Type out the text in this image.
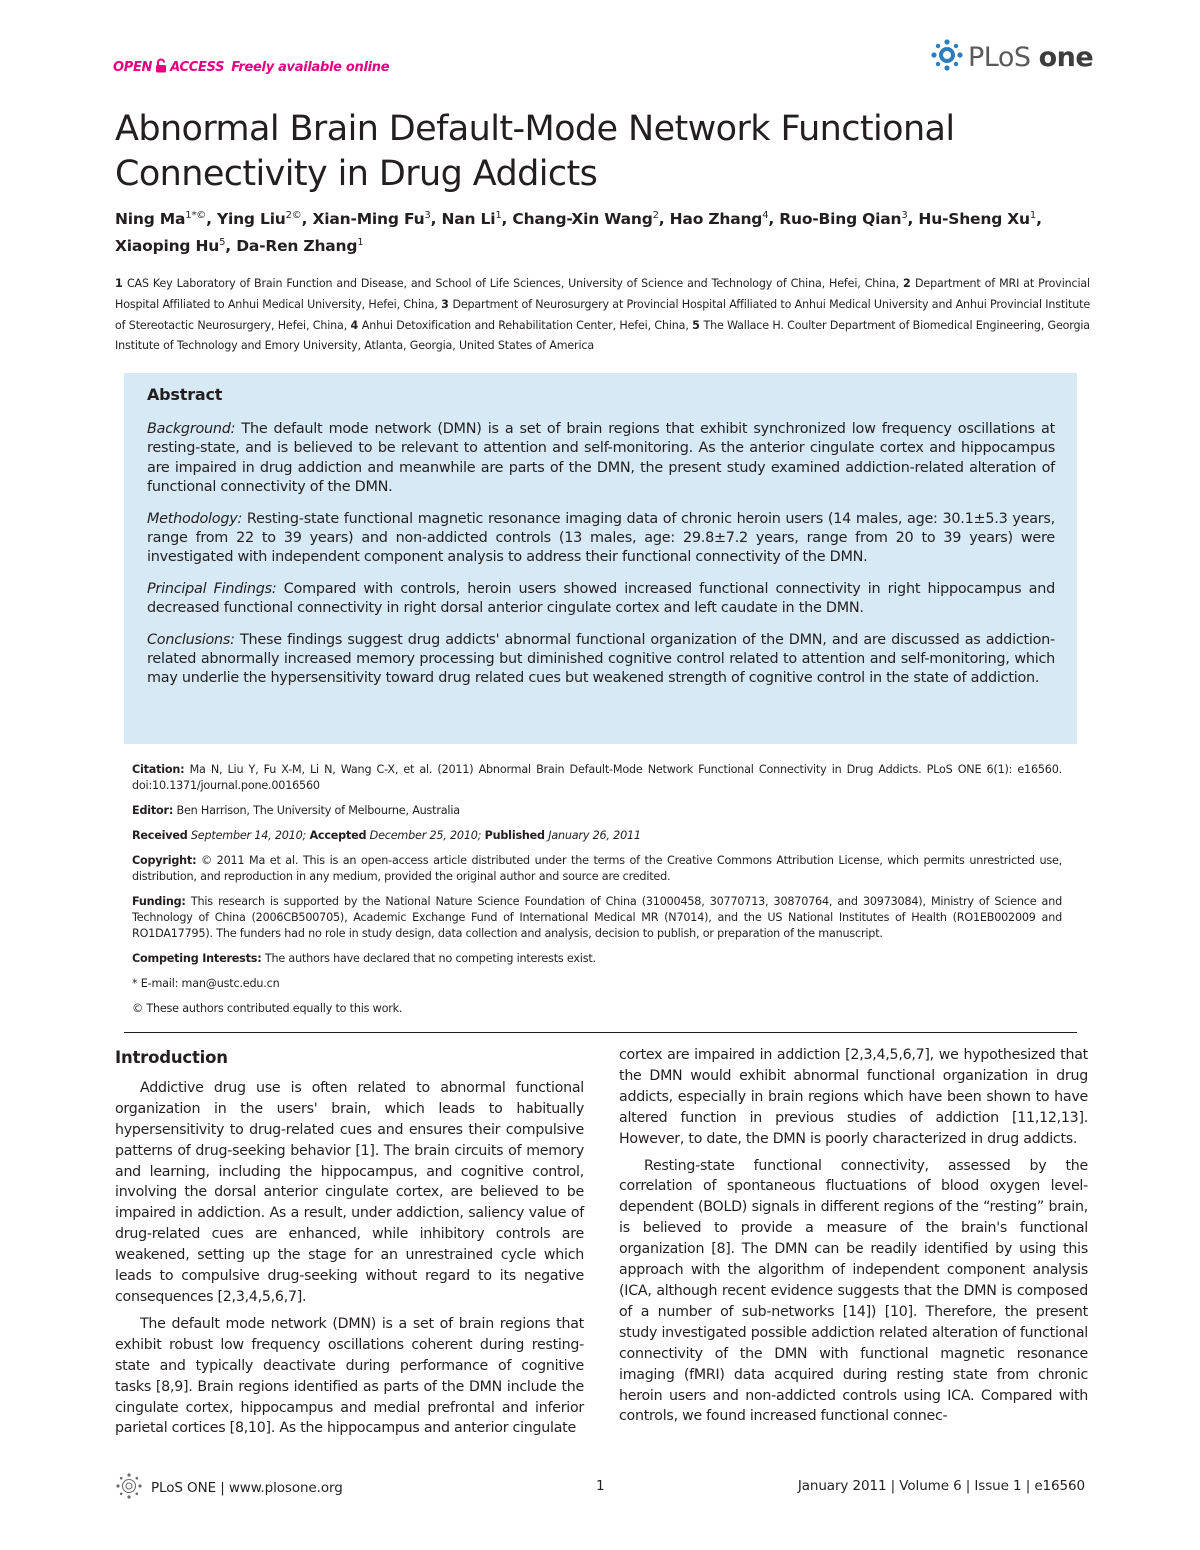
OPEN ACCESS Freely available online	PLoS one
Abnormal Brain Default-Mode Network Functional Connectivity in Drug Addicts
Ning $Ma^{1*©}$, Ying Liu$^{2©}$, Xian-Ming Fu$^3$, Nan Li$^1$, Chang-Xin Wang$^2$, Hao Zhang$^4$, Ruo-Bing Qian$^3$, Hu-Sheng Xu$^1$, Xiaoping Hu$^5$, Da-Ren Zhang$^1$
1 CAS Key Laboratory of Brain Function and Disease, and School of Life Sciences, University of Science and Technology of China, Hefei, China, 2 Department of MRI at Provincial Hospital Affiliated to Anhui Medical University, Hefei, China, 3 Department of Neurosurgery at Provincial Hospital Affiliated to Anhui Medical University and Anhui Provincial Institute of Stereotactic Neurosurgery, Hefei, China, 4 Anhui Detoxification and Rehabilitation Center, Hefei, China, 5 The Wallace H. Coulter Department of Biomedical Engineering, Georgia Institute of Technology and Emory University, Atlanta, Georgia, United States of America
Abstract

Background: The default mode network (DMN) is a set of brain regions that exhibit synchronized low frequency oscillations at resting-state, and is believed to be relevant to attention and self-monitoring. As the anterior cingulate cortex and hippocampus are impaired in drug addiction and meanwhile are parts of the DMN, the present study examined addiction-related alteration of functional connectivity of the DMN.

Methodology: Resting-state functional magnetic resonance imaging data of chronic heroin users (14 males, age: 30.1±5.3 years, range from 22 to 39 years) and non-addicted controls (13 males, age: 29.8±7.2 years, range from 20 to 39 years) were investigated with independent component analysis to address their functional connectivity of the DMN.

Principal Findings: Compared with controls, heroin users showed increased functional connectivity in right hippocampus and decreased functional connectivity in right dorsal anterior cingulate cortex and left caudate in the DMN.

Conclusions: These findings suggest drug addicts' abnormal functional organization of the DMN, and are discussed as addiction-related abnormally increased memory processing but diminished cognitive control related to attention and self-monitoring, which may underlie the hypersensitivity toward drug related cues but weakened strength of cognitive control in the state of addiction.

Citation: Ma N, Liu Y, Fu X-M, Li N, Wang C-X, et al. (2011) Abnormal Brain Default-Mode Network Functional Connectivity in Drug Addicts. PLoS ONE 6(1): e16560. doi:10.1371/journal.pone.0016560

Editor: Ben Harrison, The University of Melbourne, Australia

Received September 14, 2010; Accepted December 25, 2010; Published January 26, 2011

Copyright: © 2011 Ma et al. This is an open-access article distributed under the terms of the Creative Commons Attribution License, which permits unrestricted use, distribution, and reproduction in any medium, provided the original author and source are credited.

Funding: This research is supported by the National Nature Science Foundation of China (31000458, 30770713, 30870764, and 30973084), Ministry of Science and Technology of China (2006CB500705), Academic Exchange Fund of International Medical MR (N7014), and the US National Institutes of Health (RO1EB002009 and RO1DA17795). The funders had no role in study design, data collection and analysis, decision to publish, or preparation of the manuscript.

Competing Interests: The authors have declared that no competing interests exist.

* E-mail: man@ustc.edu.cn

© These authors contributed equally to this work.

Introduction

Addictive drug use is often related to abnormal functional organization in the users' brain, which leads to habitually hypersensitivity to drug-related cues and ensures their compulsive patterns of drug-seeking behavior [1]. The brain circuits of memory and learning, including the hippocampus, and cognitive control, involving the dorsal anterior cingulate cortex, are believed to be impaired in addiction. As a result, under addiction, saliency value of drug-related cues are enhanced, while inhibitory controls are weakened, setting up the stage for an unrestrained cycle which leads to compulsive drug-seeking without regard to its negative consequences [2,3,4,5,6,7].

The default mode network (DMN) is a set of brain regions that exhibit robust low frequency oscillations coherent during resting-state and typically deactivate during performance of cognitive tasks [8,9]. Brain regions identified as parts of the DMN include the cingulate cortex, hippocampus and medial prefrontal and inferior parietal cortices [8,10]. As the hippocampus and anterior cingulate

cortex are impaired in addiction [2,3,4,5,6,7], we hypothesized that the DMN would exhibit abnormal functional organization in drug addicts, especially in brain regions which have been shown to have altered function in previous studies of addiction [11,12,13]. However, to date, the DMN is poorly characterized in drug addicts.

Resting-state functional connectivity, assessed by the correlation of spontaneous fluctuations of blood oxygen level-dependent (BOLD) signals in different regions of the “resting” brain, is believed to provide a measure of the brain's functional organization [8]. The DMN can be readily identified by using this approach with the algorithm of independent component analysis (ICA, although recent evidence suggests that the DMN is composed of a number of sub-networks [14]) [10]. Therefore, the present study investigated possible addiction related alteration of functional connectivity of the DMN with functional magnetic resonance imaging (fMRI) data acquired during resting state from chronic heroin users and non-addicted controls using ICA. Compared with controls, we found increased functional connec-

PLoS ONE | www.plosone.org	1	January 2011 | Volume 6 | Issue 1 | e16560
